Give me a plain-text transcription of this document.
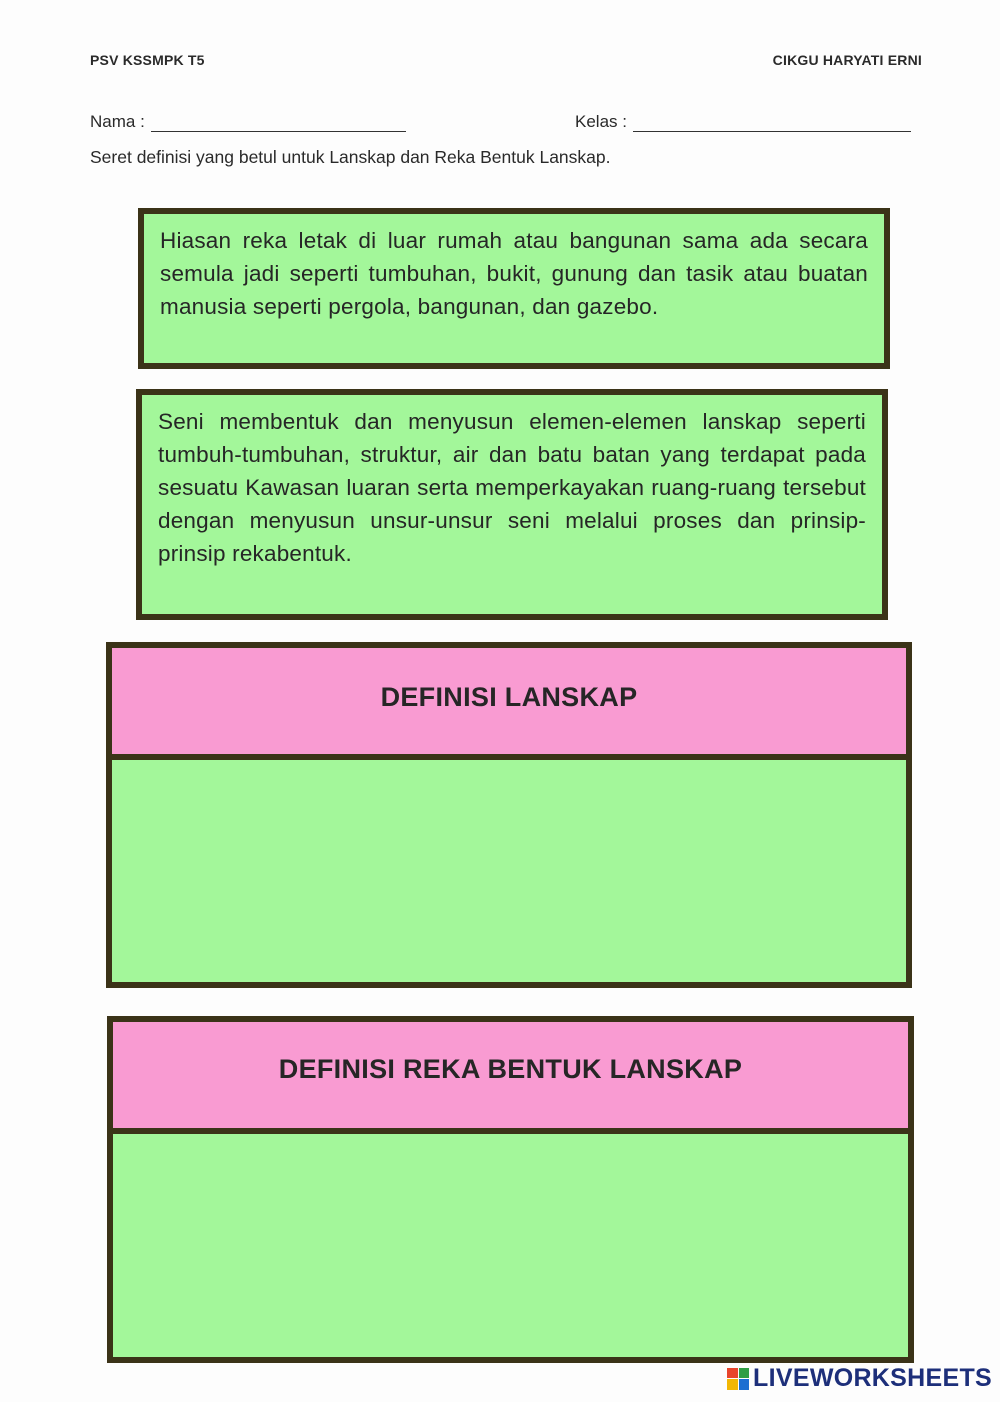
PSV KSSMPK T5	CIKGU HARYATI ERNI
Nama :	Kelas :
Seret definisi yang betul untuk Lanskap dan Reka Bentuk Lanskap.
Hiasan reka letak di luar rumah atau bangunan sama ada secara semula jadi seperti tumbuhan, bukit, gunung dan tasik atau buatan manusia seperti pergola, bangunan, dan gazebo.
Seni membentuk dan menyusun elemen-elemen lanskap seperti tumbuh-tumbuhan, struktur, air dan batu batan yang terdapat pada sesuatu Kawasan luaran serta memperkayakan ruang-ruang tersebut dengan menyusun unsur-unsur seni melalui proses dan prinsip-prinsip rekabentuk.
DEFINISI LANSKAP
DEFINISI REKA BENTUK LANSKAP
LIVEWORKSHEETS
